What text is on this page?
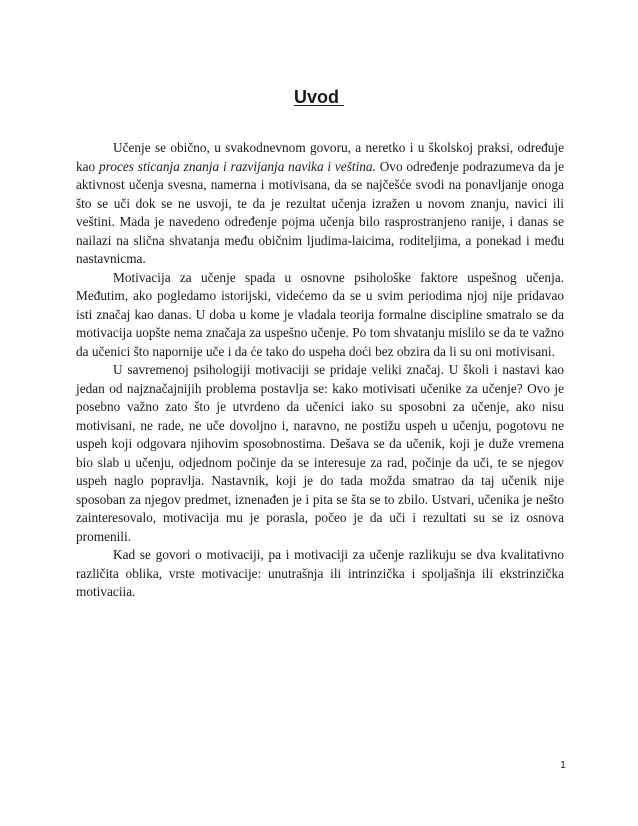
Uvod

Učenje se obično, u svakodnevnom govoru, a neretko i u školskoj praksi, određuje kao proces sticanja znanja i razvijanja navika i veština. Ovo određenje podrazumeva da je aktivnost učenja svesna, namerna i motivisana, da se najčešće svodi na ponavljanje onoga što se uči dok se ne usvoji, te da je rezultat učenja izražen u novom znanju, navici ili veštini. Mada je navedeno određenje pojma učenja bilo rasprostranjeno ranije, i danas se nailazi na slična shvatanja među običnim ljudima-laicima, roditeljima, a ponekad i među nastavnicma.

Motivacija za učenje spada u osnovne psihološke faktore uspešnog učenja. Međutim, ako pogledamo istorijski, videćemo da se u svim periodima njoj nije pridavao isti značaj kao danas. U doba u kome je vladala teorija formalne discipline smatralo se da motivacija uopšte nema značaja za uspešno učenje. Po tom shvatanju mislilo se da te važno da učenici što napornije uče i da će tako do uspeha doći bez obzira da li su oni motivisani.

U savremenoj psihologiji motivaciji se pridaje veliki značaj. U školi i nastavi kao jedan od najznačajnijih problema postavlja se: kako motivisati učenike za učenje? Ovo je posebno važno zato što je utvrdeno da učenici iako su sposobni za učenje, ako nisu motivisani, ne rade, ne uče dovoljno i, naravno, ne postižu uspeh u učenju, pogotovu ne uspeh koji odgovara njihovim sposobnostima. Dešava se da učenik, koji je duže vremena bio slab u učenju, odjednom počinje da se interesuje za rad, počinje da uči, te se njegov uspeh naglo popravlja. Nastavnik, koji je do tada možda smatrao da taj učenik nije sposoban za njegov predmet, iznenađen je i pita se šta se to zbilo. Ustvari, učenika je nešto zainteresovalo, motivacija mu je porasla, počeo je da uči i rezultati su se iz osnova promenili.

Kad se govori o motivaciji, pa i motivaciji za učenje razlikuju se dva kvalitativno različita oblika, vrste motivacije: unutrašnja ili intrinzička i spoljašnja ili ekstrinzička motivaciia.

1
